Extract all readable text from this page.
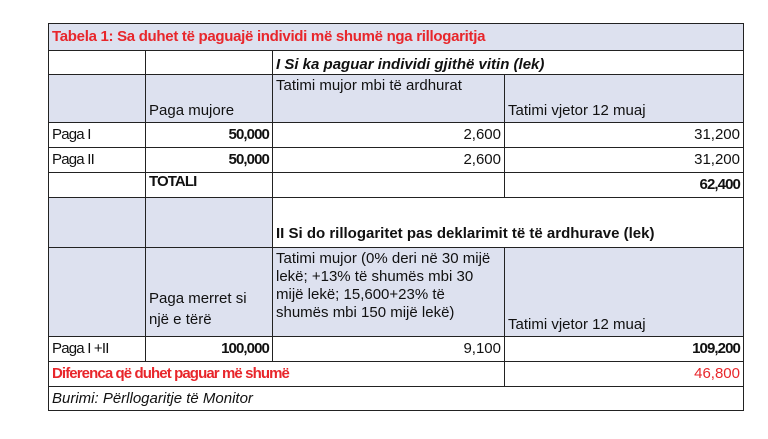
Tabela 1: Sa duhet të paguajë individi më shumë nga rillogaritja			
		I Si ka paguar individi gjithë vitin (lek)	
	Paga mujore	Tatimi mujor mbi të ardhurat	Tatimi vjetor 12 muaj
Paga I	50,000	2,600	31,200
Paga II	50,000	2,600	31,200
	TOTALI		62,400
		II Si do rillogaritet pas deklarimit të të ardhurave (lek)	
	Paga merret si një e tërë	Tatimi mujor (0% deri në 30 mijë lekë; +13% të shumës mbi 30 mijë lekë; 15,600+23% të shumës mbi 150 mijë lekë)	Tatimi vjetor 12 muaj
Paga I +II	100,000	9,100	109,200
Diferenca që duhet paguar më shumë			46,800
Burimi: Përllogaritje të Monitor			
